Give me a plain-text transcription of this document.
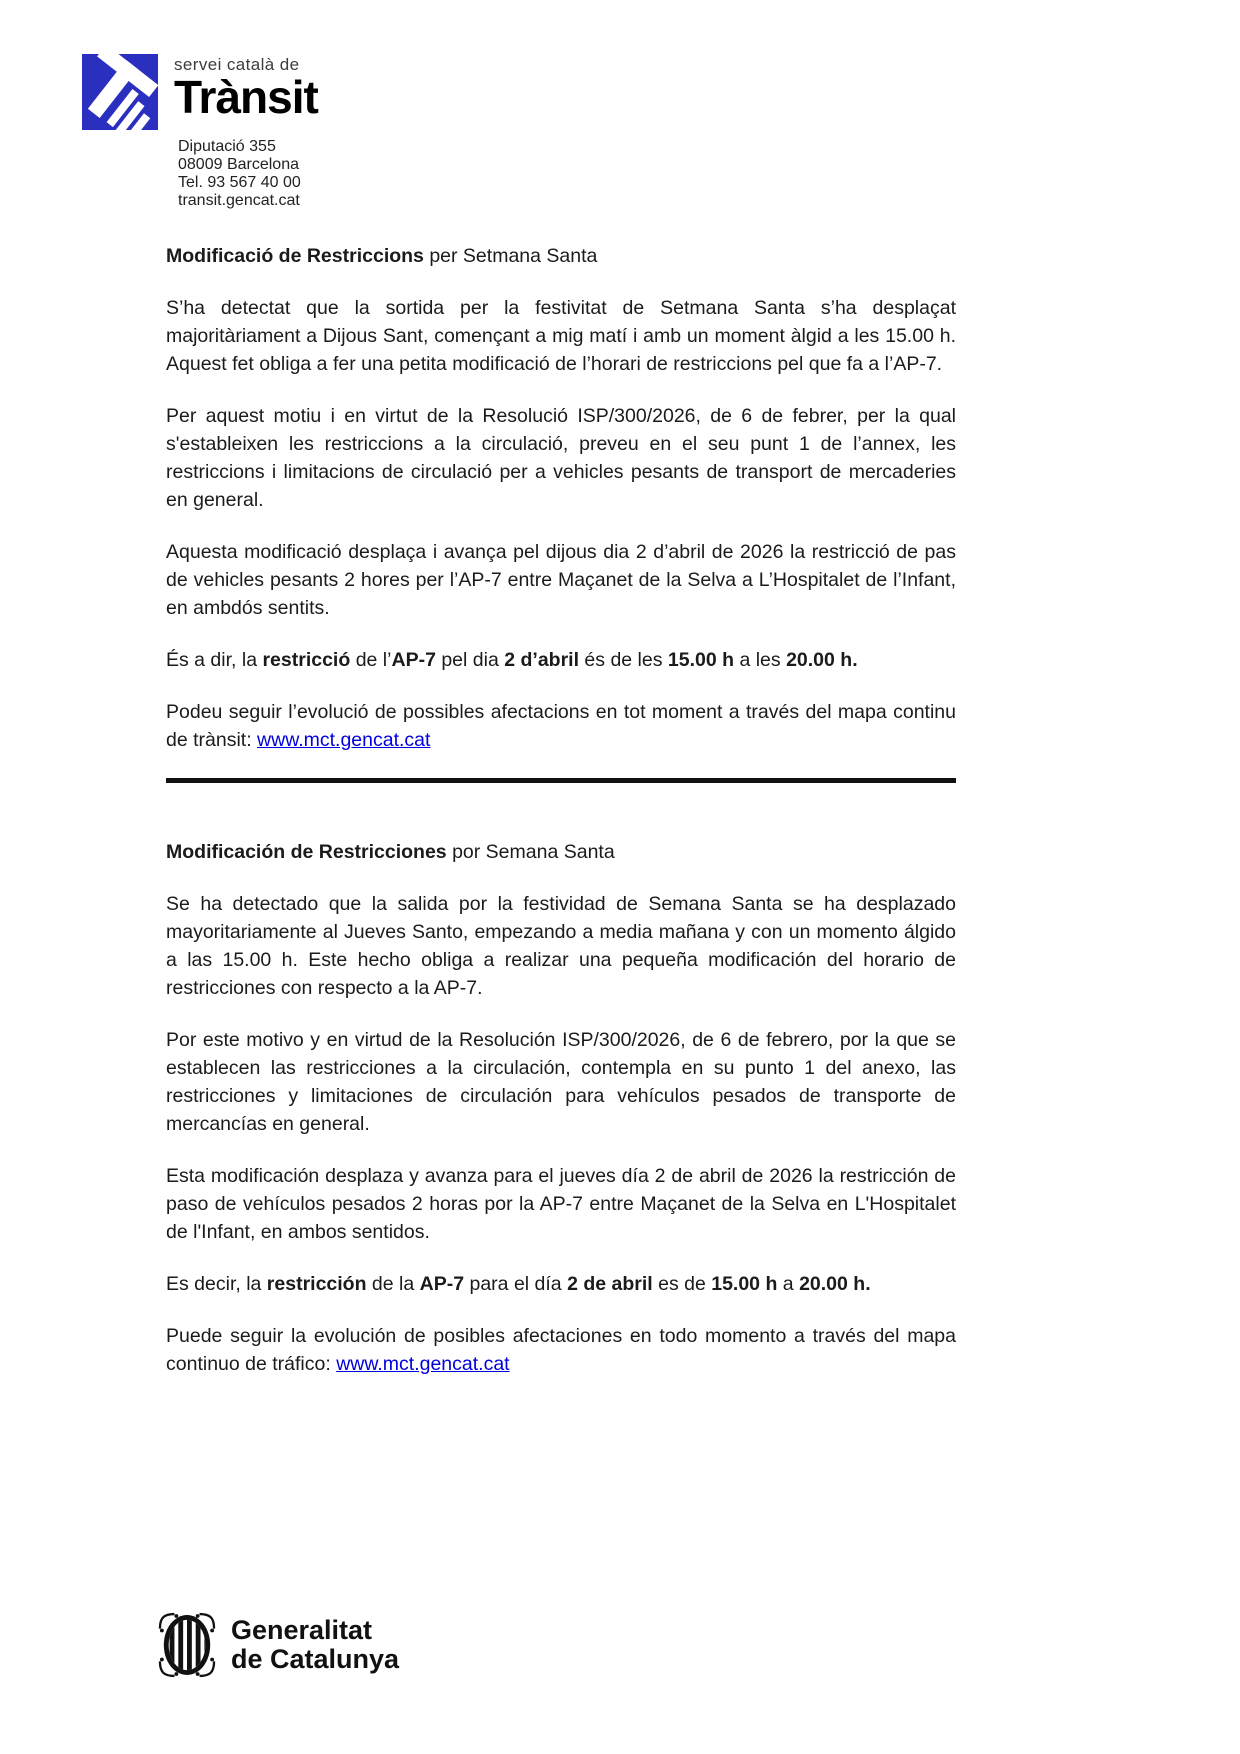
servei català de
Trànsit
Diputació 355
08009 Barcelona
Tel. 93 567 40 00
transit.gencat.cat
Modificació de Restriccions per Setmana Santa

S’ha detectat que la sortida per la festivitat de Setmana Santa s’ha desplaçat majoritàriament a Dijous Sant, començant a mig matí i amb un moment àlgid a les 15.00 h. Aquest fet obliga a fer una petita modificació de l’horari de restriccions pel que fa a l’AP-7.

Per aquest motiu i en virtut de la Resolució ISP/300/2026, de 6 de febrer, per la qual s'estableixen les restriccions a la circulació, preveu en el seu punt 1 de l’annex, les restriccions i limitacions de circulació per a vehicles pesants de transport de mercaderies en general.

Aquesta modificació desplaça i avança pel dijous dia 2 d’abril de 2026 la restricció de pas de vehicles pesants 2 hores per l’AP-7 entre Maçanet de la Selva a L’Hospitalet de l’Infant, en ambdós sentits.

És a dir, la restricció de l’AP-7 pel dia 2 d’abril és de les 15.00 h a les 20.00 h.

Podeu seguir l’evolució de possibles afectacions en tot moment a través del mapa continu de trànsit: www.mct.gencat.cat

Modificación de Restricciones por Semana Santa

Se ha detectado que la salida por la festividad de Semana Santa se ha desplazado mayoritariamente al Jueves Santo, empezando a media mañana y con un momento álgido a las 15.00 h. Este hecho obliga a realizar una pequeña modificación del horario de restricciones con respecto a la AP-7.

Por este motivo y en virtud de la Resolución ISP/300/2026, de 6 de febrero, por la que se establecen las restricciones a la circulación, contempla en su punto 1 del anexo, las restricciones y limitaciones de circulación para vehículos pesados de transporte de mercancías en general.

Esta modificación desplaza y avanza para el jueves día 2 de abril de 2026 la restricción de paso de vehículos pesados 2 horas por la AP-7 entre Maçanet de la Selva en L'Hospitalet de l'Infant, en ambos sentidos.

Es decir, la restricción de la AP-7 para el día 2 de abril es de 15.00 h a 20.00 h.

Puede seguir la evolución de posibles afectaciones en todo momento a través del mapa continuo de tráfico: www.mct.gencat.cat

Generalitat
de Catalunya
